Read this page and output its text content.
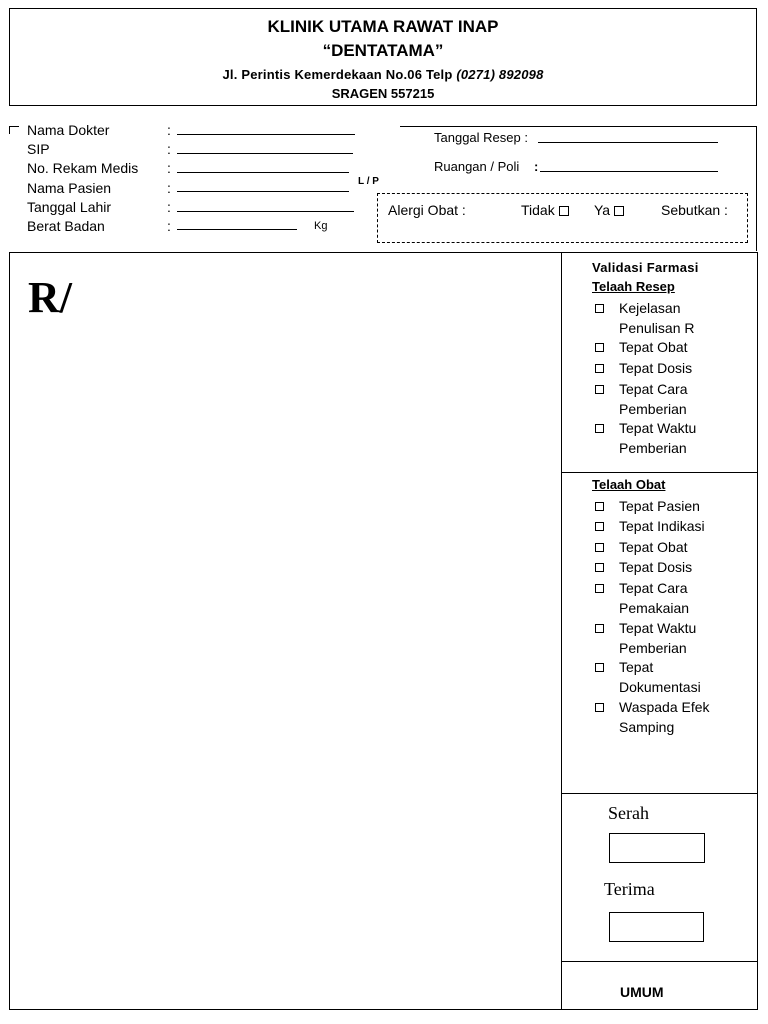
KLINIK UTAMA RAWAT INAP
“DENTATAMA”
Jl. Perintis Kemerdekaan No.06 Telp (0271) 892098
SRAGEN 557215
Nama Dokter	:
SIP	:
No. Rekam Medis :
Nama Pasien	:	L / P
Tanggal Lahir	:
Berat Badan	:	Kg
Tanggal Resep :
Ruangan / Poli :
Alergi Obat :	Tidak	Ya	Sebutkan :
R/
Validasi Farmasi
Telaah Resep
Kejelasan
Penulisan R
Tepat Obat
Tepat Dosis
Tepat Cara
Pemberian
Tepat Waktu
Pemberian
Telaah Obat
Tepat Pasien
Tepat Indikasi
Tepat Obat
Tepat Dosis
Tepat Cara
Pemakaian
Tepat Waktu
Pemberian
Tepat
Dokumentasi
Waspada Efek
Samping
Serah
Terima
UMUM
